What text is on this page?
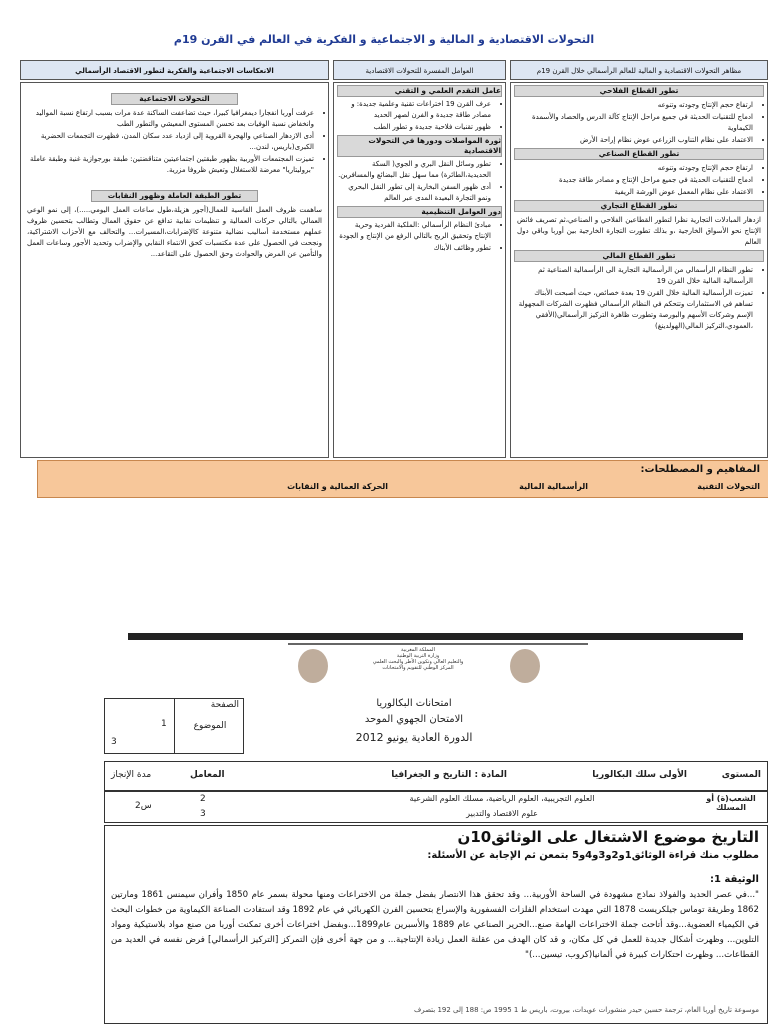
التحولات الاقتصادية و المالية و الاجتماعية و الفكرية في العالم في القرن 19م
مظاهر التحولات الاقتصادية و المالية للعالم الرأسمالي خلال القرن 19م
العوامل المفسرة للتحولات الاقتصادية
الانعكاسات الاجتماعية والفكرية لتطور الاقتصاد الرأسمالي
تطور القطاع الفلاحي
• ارتفاع حجم الإنتاج وجودته وتنوعه
• ادماج للتقنيات الحديثة في جميع مراحل الإنتاج كآلة الدرس والحصاد والأسمدة الكيماوية
• الاعتماد على نظام التناوب الزراعي عوض نظام إراحة الأرض
تطور القطاع الصناعي
• ارتفاع حجم الإنتاج وجودته وتنوعه
• ادماج للتقنيات الحديثة في جميع مراحل الإنتاج و مصادر طاقة جديدة
• الاعتماد على نظام المعمل عوض الورشة الريفية
تطور القطاع التجاري

ازدهار المبادلات التجارية نظرا لتطور القطاعين الفلاحي و الصناعي،ثم تصريف فائض الإنتاج نحو الأسواق الخارجية ،و بذلك تطورت التجارة الخارجية بين أوربا وباقي دول العالم

تطور القطاع المالي
• تطور النظام الرأسمالي من الرأسمالية التجارية الى الرأسمالية الصناعية ثم الرأسمالية المالية خلال القرن 19
• تميزت الرأسمالية المالية خلال القرن 19 بعدة خصائص، حيث أصبحت الأبناك تساهم في الاستثمارات وتتحكم في النظام الرأسمالي فظهرت الشركات المجهولة الإسم وشركات الأسهم والبورصة وتطورت ظاهرة التركيز الرأسمالي(الأفقي ،العمودي،التركيز المالي(الهولدينغ)
عامل التقدم العلمي و التقني
• عرف القرن 19 اختراعات تقنية وعلمية جديدة: و مصادر طاقة جديدة و الفرن لصهر الحديد
• ظهور تقنيات فلاحية جديدة و تطور الطب
ثورة المواصلات ودورها في التحولات الاقتصادية
• تطور وسائل النقل البري و الجوي( السكة الحديدية،الطائرة) مما سهل نقل البضائع والمسافرين.
• أدى ظهور السفن البخارية إلى تطور النقل البحري ونمو التجارة البعيدة المدى عبر العالم
دور العوامل التنظيمية
• مبادئ النظام الرأسمالي :الملكية الفردية وحرية الإنتاج وتحقيق الربح بالتالي الرفع من الإنتاج و الجودة
• تطور وظائف الأبناك
التحولات الاجتماعية
• عرفت أوربا انفجارا ديمغرافيا كبيرا، حيث تضاعفت الساكنة عدة مرات بسبب ارتفاع نسبة المواليد وانخفاض نسبة الوفيات بعد تحسن المستوى المعيشي والتطور الطب
• أدى الازدهار الصناعي والهجرة القروية إلى ازدياد عدد سكان المدن، فظهرت التجمعات الحضرية الكبرى(باريس، لندن...
• تميزت المجتمعات الأوربية بظهور طبقتين اجتماعيتين متناقضتين: طبقة بورجوازية غنية وطبقة عاملة "بروليتاريا" معرضة للاستغلال وتعيش ظروفا مزرية.
تطور الطبقة العاملة وظهور النقابات

ساهمت ظروف العمل القاسية للعمال(أجور هزيلة،طول ساعات العمل اليومي.....)، إلى نمو الوعي العمالي بالتالي حركات العمالية و تنظيمات نقابية تدافع عن حقوق العمال وتطالب بتحسين ظروف عملهم مستخدمة أساليب نضالية متنوعة كالإضرابات،المسيرات... والتحالف مع الأحزاب الاشتراكية، ونجحت في الحصول على عدة مكتسبات كحق الانتماء النقابي والإضراب وتحديد الأجور وساعات العمل والتأمين عن المرض والحوادث وحق الحصول على التقاعد...

المفاهيم و المصطلحات:
التحولات التقنية
الرأسمالية المالية
الحركة العمالية و النقابات
المملكة المغربية
وزارة التربية الوطنية
والتعليم العالي وتكوين الأطر والبحث العلمي
المركز الوطني للتقويم والامتحانات
الصفحة
1
3
الموضوع
امتحانات البكالوريا
الامتحان الجهوي الموحد
الدورة العادية يونيو 2012
المستوى
الأولى سلك البكالوريا
المادة : التاريخ و الجغرافيا
المعامل
مدة الإنجاز
الشعب(ة) أو المسلك
العلوم التجريبية، العلوم الرياضية، مسلك العلوم الشرعية
علوم الاقتصاد والتدبير
2
3
2س
التاريخ موضوع الاشتغال على الوثائق10ن
مطلوب منك قراءة الوثائق1و2و3و4و5 بتمعن ثم الإجابة عن الأسئلة:
الوثيقة 1:
"...في عصر الحديد والفولاذ نماذج مشهودة في الساحة الأوربية... وقد تحقق هذا الانتصار بفضل جملة من الاختراعات ومنها محولة بسمر عام 1850 وأفران سيمنس 1861 ومارتين 1862 وطريقة توماس جيلكريست 1878 التي مهدت استخدام الفلزات الفسفورية والإسراع بتحسين الفرن الكهربائي في عام 1892 وقد استفادت الصناعة الكيماوية من خطوات البحث في الكيمياء العضوية...وقد أتاحت جملة الاختراعات الهامة صنع...الحرير الصناعي عام 1889 والأسبرين عام1899...وبفضل اختراعات أخرى تمكنت أوربا من صنع مواد بلاستيكية ومواد التلوين... وظهرت أشكال جديدة للعمل في كل مكان، و قد كان الهدف من عقلنة العمل زيادة الإنتاجية... و من جهة أخرى فإن التمركز [التركيز الرأسمالي] فرض نفسه في العديد من القطاعات... وظهرت احتكارات كبيرة في ألمانيا(كروب، تيسين...)"
موسوعة تاريخ أوربا العام، ترجمة حسين حيدر منشورات عويدات، بيروت، باريس ط 1 1995 ص: 188 إلى 192 بتصرف
